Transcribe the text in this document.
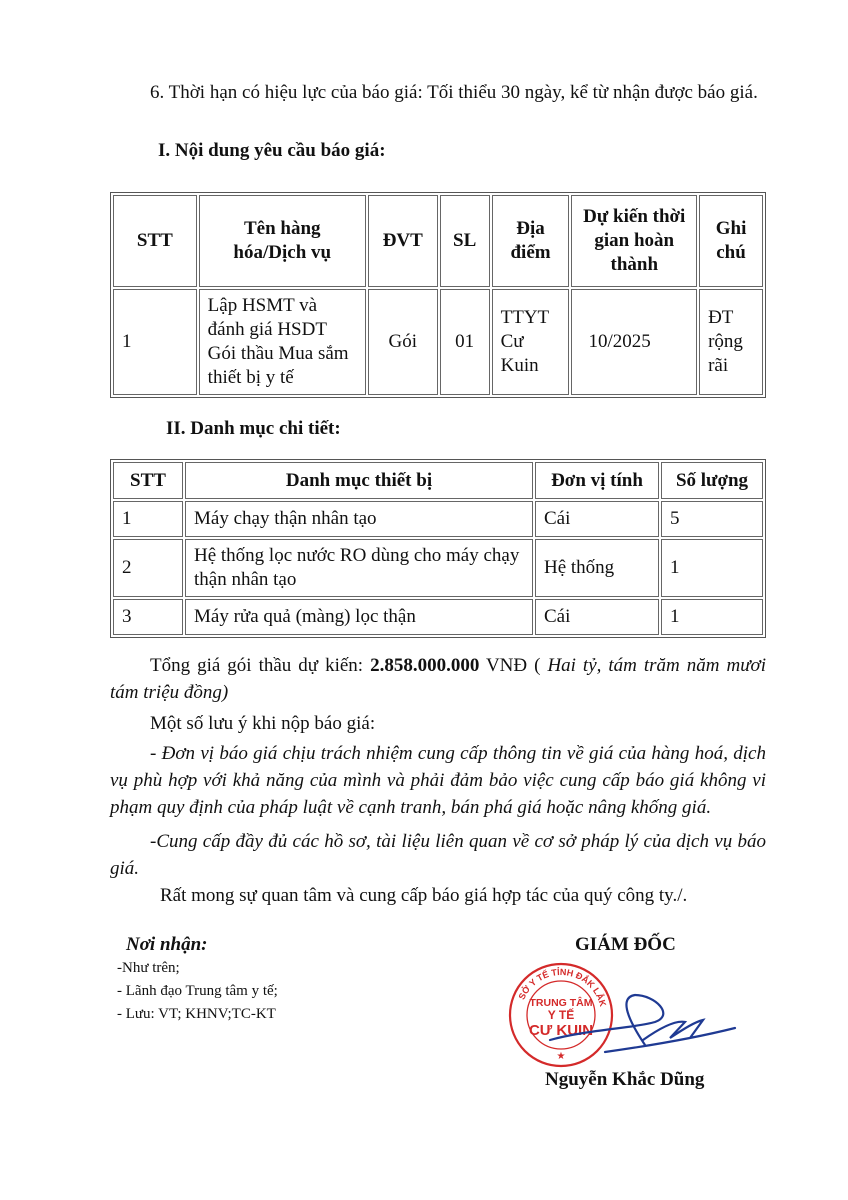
6. Thời hạn có hiệu lực của báo giá: Tối thiểu 30 ngày, kể từ nhận được báo giá.
I. Nội dung yêu cầu báo giá:
STT	Tên hàng hóa/Dịch vụ	ĐVT	SL	Địa điểm	Dự kiến thời gian hoàn thành	Ghi chú
1	Lập HSMT và đánh giá HSDT Gói thầu Mua sắm thiết bị y tế	Gói	01	TTYT Cư Kuin	10/2025	ĐT rộng rãi
II. Danh mục chi tiết:
STT	Danh mục thiết bị	Đơn vị tính	Số lượng
1	Máy chạy thận nhân tạo	Cái	5
2	Hệ thống lọc nước RO dùng cho máy chạy thận nhân tạo	Hệ thống	1
3	Máy rửa quả (màng) lọc thận	Cái	1
Tổng giá gói thầu dự kiến: 2.858.000.000 VNĐ ( Hai tỷ, tám trăm năm mươi tám triệu đồng)
Một số lưu ý khi nộp báo giá:
- Đơn vị báo giá chịu trách nhiệm cung cấp thông tin về giá của hàng hoá, dịch vụ phù hợp với khả năng của mình và phải đảm bảo việc cung cấp báo giá không vi phạm quy định của pháp luật về cạnh tranh, bán phá giá hoặc nâng khống giá.
-Cung cấp đầy đủ các hồ sơ, tài liệu liên quan về cơ sở pháp lý của dịch vụ báo giá.
Rất mong sự quan tâm và cung cấp báo giá hợp tác của quý công ty./.
Nơi nhận:
-Như trên;
- Lãnh đạo Trung tâm y tế;
- Lưu: VT; KHNV;TC-KT
GIÁM ĐỐC
SỞ Y TẾ TỈNH ĐẮK LẮK
TRUNG TÂM
Y TẾ
CƯ KUIN
★
Nguyễn Khắc Dũng
